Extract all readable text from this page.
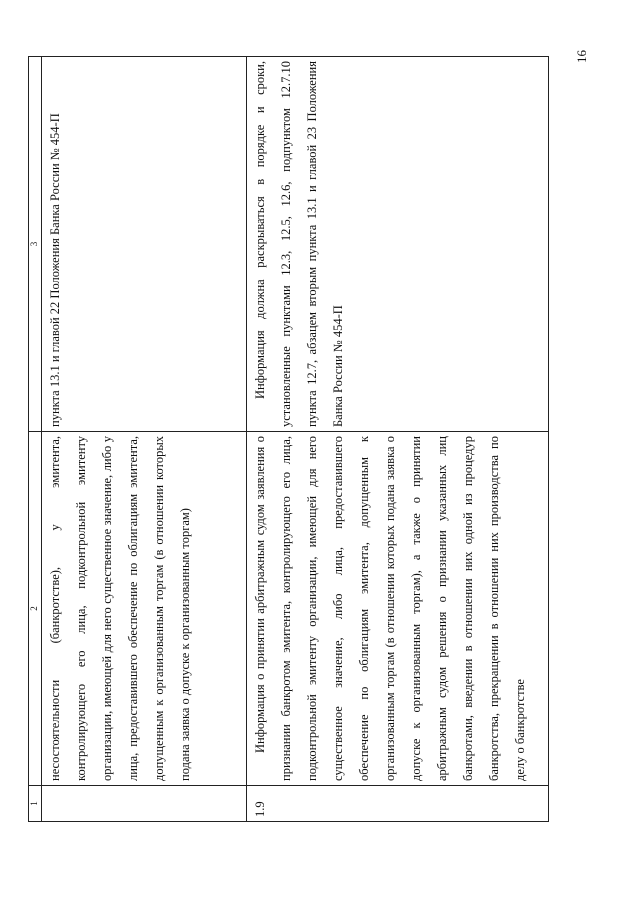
16
1	2	3
	несостоятельности (банкротстве), у эмитента, контролирующего его лица, подконтрольной эмитенту организации, имеющей для него существенное значение, либо у лица, предоставившего обеспечение по облигациям эмитента, допущенным к организованным торгам (в отношении которых подана заявка о допуске к организованным торгам)	пункта 13.1 и главой 22 Положения Банка России № 454-П
1.9	Информация о принятии арбитражным судом заявления о признании банкротом эмитента, контролирующего его лица, подконтрольной эмитенту организации, имеющей для него существенное значение, либо лица, предоставившего обеспечение по облигациям эмитента, допущенным к организованным торгам (в отношении которых подана заявка о допуске к организованным торгам), а также о принятии арбитражным судом решения о признании указанных лиц банкротами, введении в отношении них одной из процедур банкротства, прекращении в отношении них производства по делу о банкротстве	Информация должна раскрываться в порядке и сроки, установленные пунктами 12.3, 12.5, 12.6, подпунктом 12.7.10 пункта 12.7, абзацем вторым пункта 13.1 и главой 23 Положения Банка России № 454-П
